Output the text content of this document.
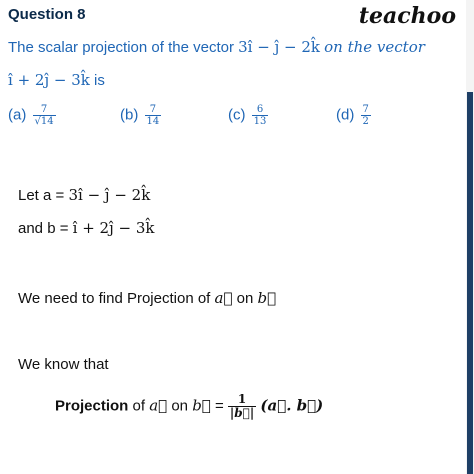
Question 8	teachoo
The scalar projection of the vector 3î − ĵ − 2k̂ on the vector
î + 2ĵ − 3k̂ is
$(a) \frac{7}{√14}$	$(b) \frac{7}{14}$	$(c) \frac{6}{13}$	$(d) \frac{7}{2}$
Let a = 3î − ĵ − 2k̂
and b = î + 2ĵ − 3k̂
We need to find Projection of a⃗ on b⃗
We know that
Projection of a⃗ on b⃗ = $\frac{1}{|b⃗|}$ (a⃗. b⃗)
